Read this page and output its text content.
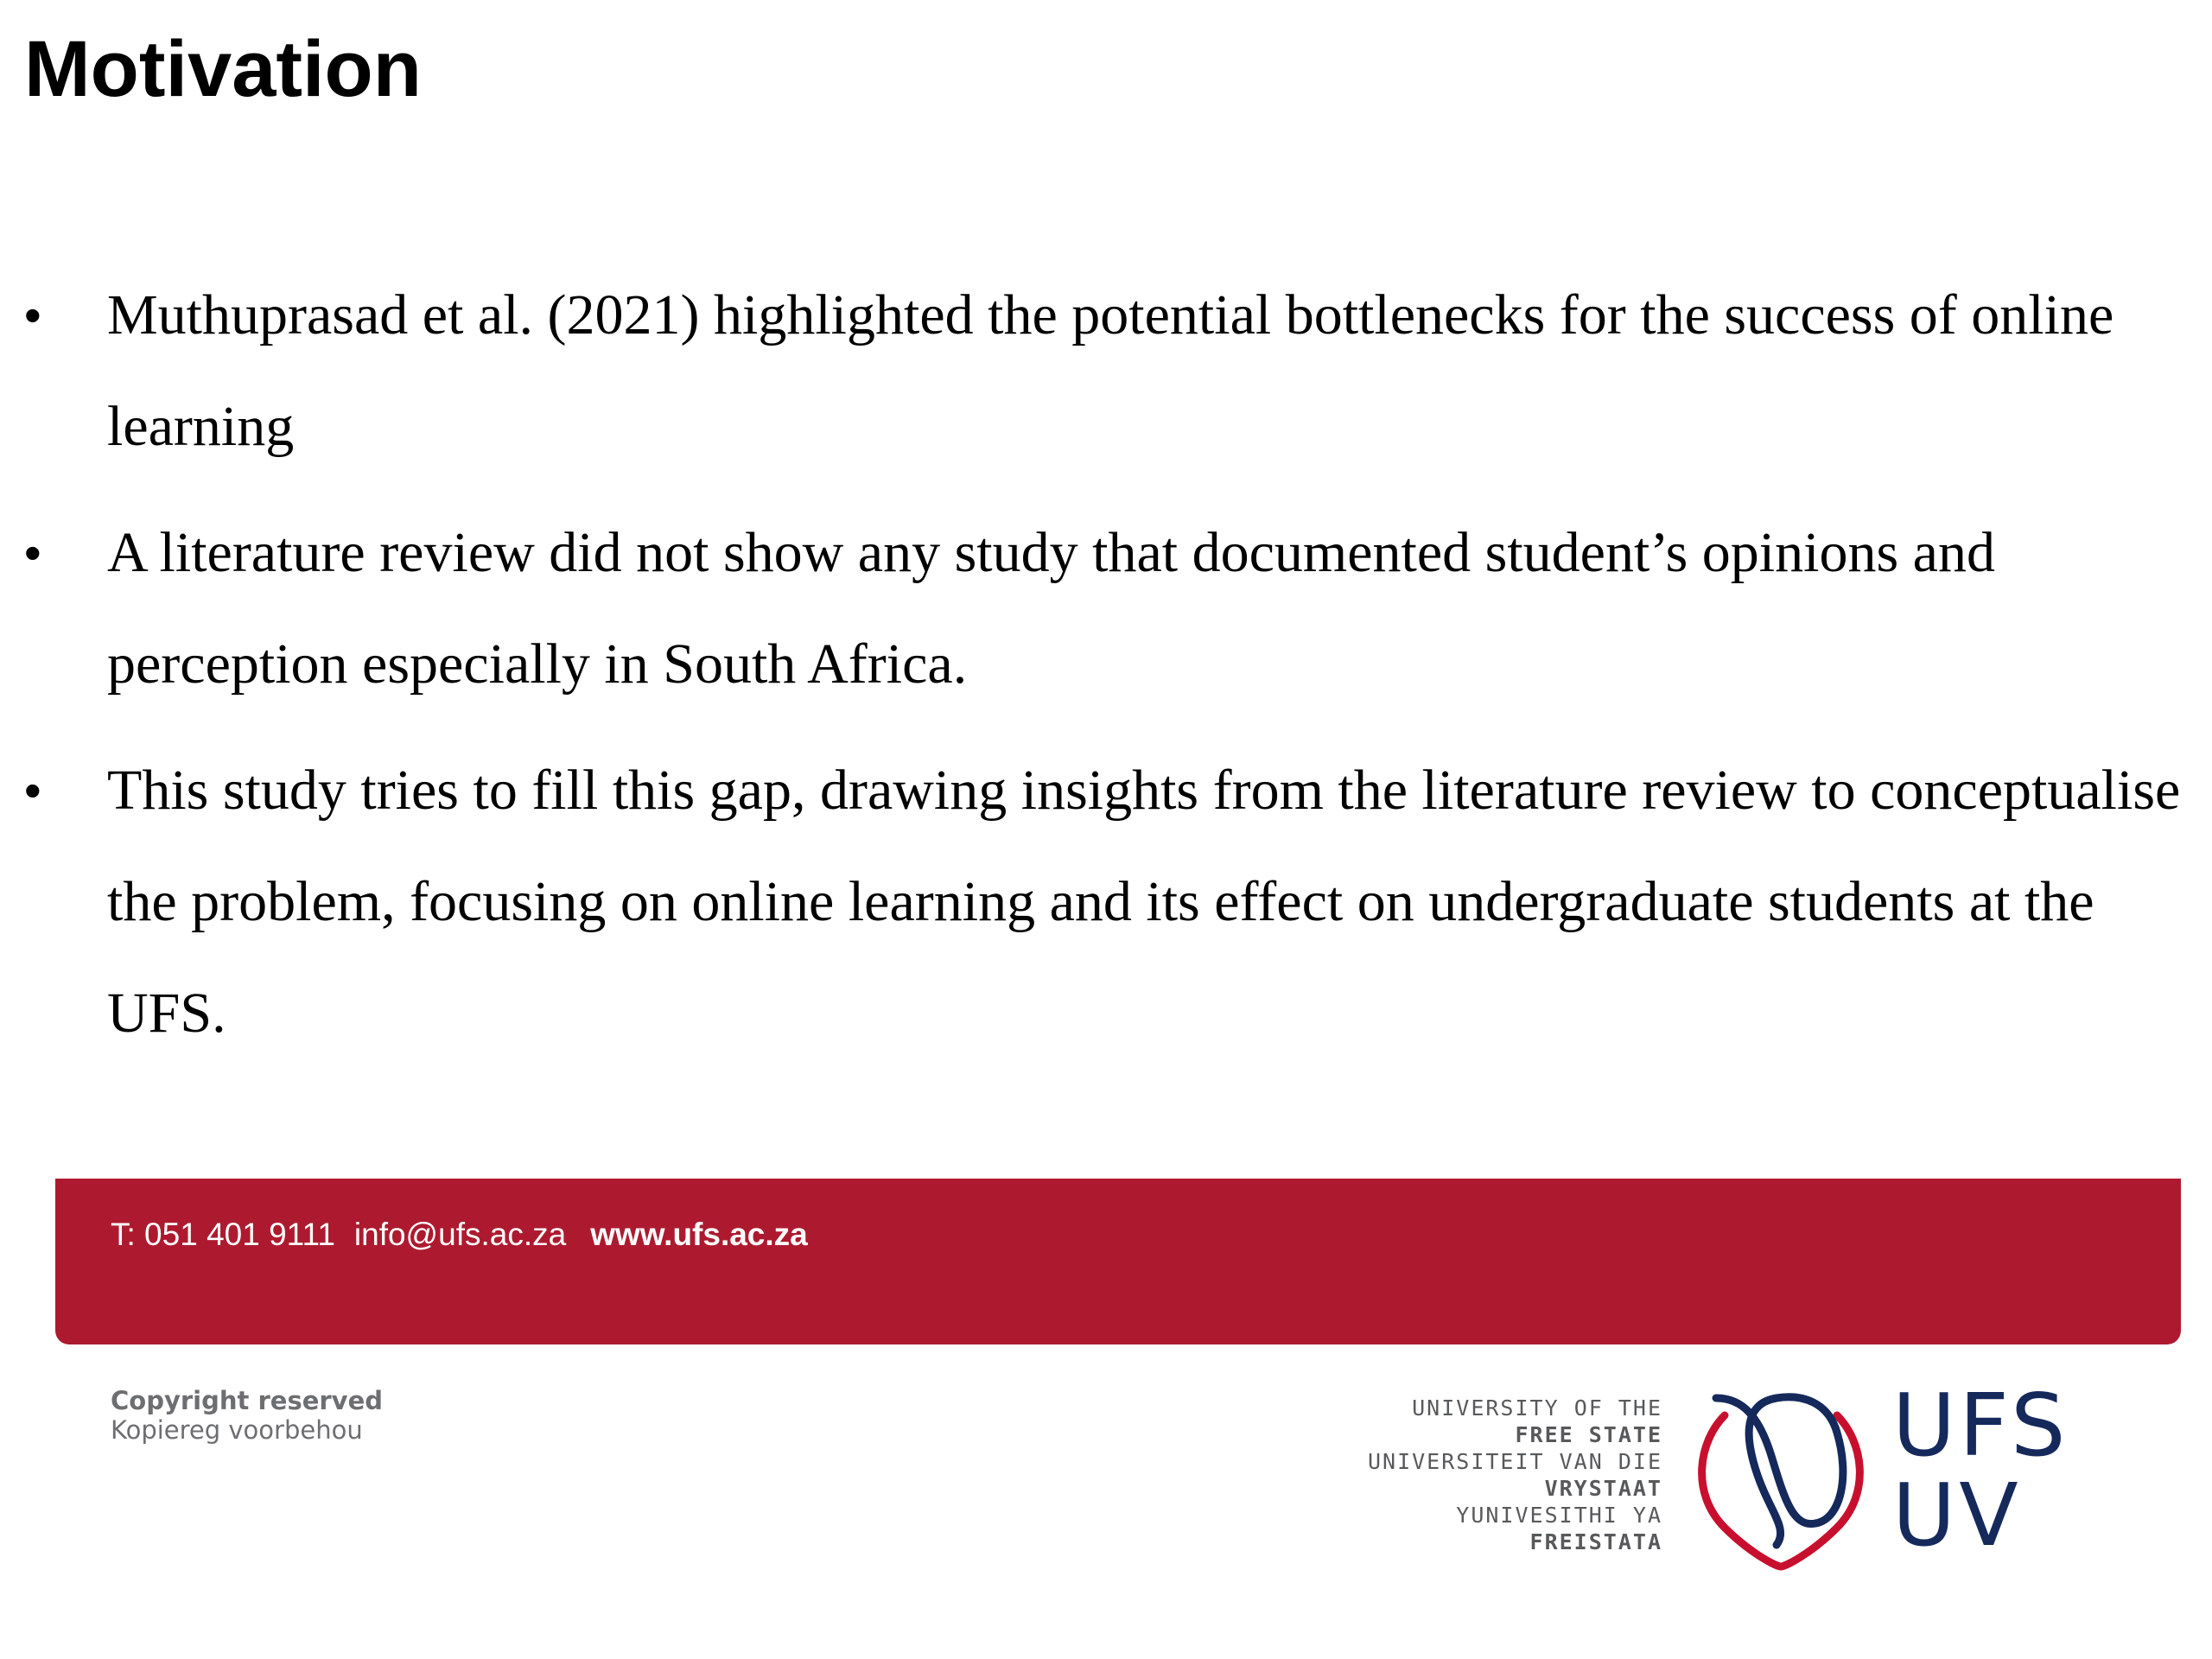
Motivation
• Muthuprasad et al. (2021) highlighted the potential bottlenecks for the success of online learning
• A literature review did not show any study that documented student’s opinions and perception especially in South Africa.
• This study tries to fill this gap, drawing insights from the literature review to conceptualise the problem, focusing on online learning and its effect on undergraduate students at the UFS.
T: 051 401 9111 info@ufs.ac.za www.ufs.ac.za
Copyright reserved
Kopiereg voorbehou
UNIVERSITY OF THE
FREE STATE
UNIVERSITEIT VAN DIE
VRYSTAAT
YUNIVESITHI YA
FREISTATA
UFS
UV
